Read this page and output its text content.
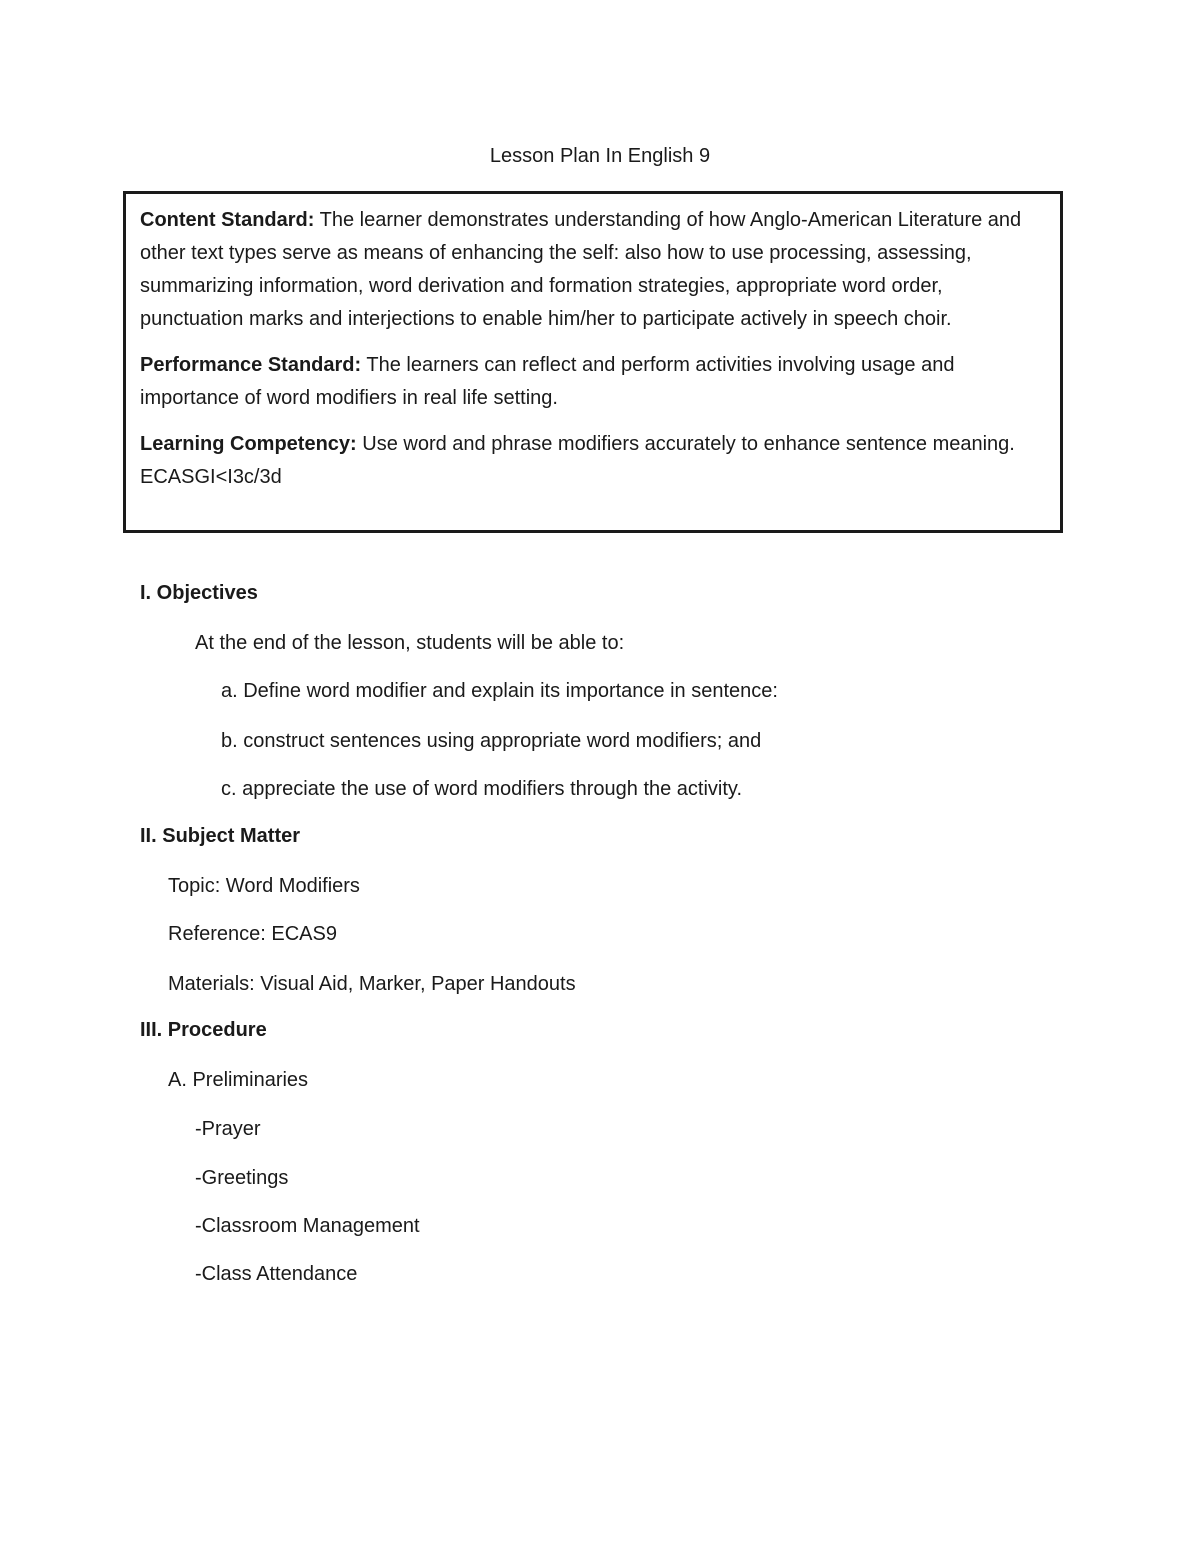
Lesson Plan In English 9

Content Standard: The learner demonstrates understanding of how Anglo-American Literature and other text types serve as means of enhancing the self: also how to use processing, assessing, summarizing information, word derivation and formation strategies, appropriate word order, punctuation marks and interjections to enable him/her to participate actively in speech choir.

Performance Standard: The learners can reflect and perform activities involving usage and importance of word modifiers in real life setting.

Learning Competency: Use word and phrase modifiers accurately to enhance sentence meaning. ECASGI<I3c/3d

I. Objectives
At the end of the lesson, students will be able to:
a. Define word modifier and explain its importance in sentence:
b. construct sentences using appropriate word modifiers; and
c. appreciate the use of word modifiers through the activity.
II. Subject Matter
Topic: Word Modifiers
Reference: ECAS9
Materials: Visual Aid, Marker, Paper Handouts
III. Procedure
A. Preliminaries
-Prayer
-Greetings
-Classroom Management
-Class Attendance
